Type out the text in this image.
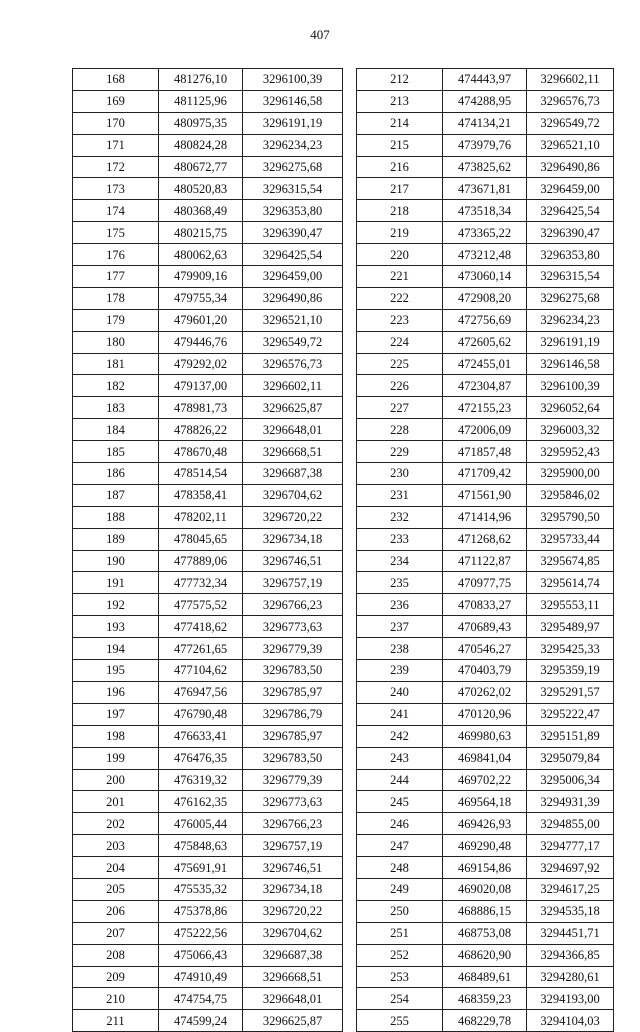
407
168	481276,10	3296100,39
169	481125,96	3296146,58
170	480975,35	3296191,19
171	480824,28	3296234,23
172	480672,77	3296275,68
173	480520,83	3296315,54
174	480368,49	3296353,80
175	480215,75	3296390,47
176	480062,63	3296425,54
177	479909,16	3296459,00
178	479755,34	3296490,86
179	479601,20	3296521,10
180	479446,76	3296549,72
181	479292,02	3296576,73
182	479137,00	3296602,11
183	478981,73	3296625,87
184	478826,22	3296648,01
185	478670,48	3296668,51
186	478514,54	3296687,38
187	478358,41	3296704,62
188	478202,11	3296720,22
189	478045,65	3296734,18
190	477889,06	3296746,51
191	477732,34	3296757,19
192	477575,52	3296766,23
193	477418,62	3296773,63
194	477261,65	3296779,39
195	477104,62	3296783,50
196	476947,56	3296785,97
197	476790,48	3296786,79
198	476633,41	3296785,97
199	476476,35	3296783,50
200	476319,32	3296779,39
201	476162,35	3296773,63
202	476005,44	3296766,23
203	475848,63	3296757,19
204	475691,91	3296746,51
205	475535,32	3296734,18
206	475378,86	3296720,22
207	475222,56	3296704,62
208	475066,43	3296687,38
209	474910,49	3296668,51
210	474754,75	3296648,01
211	474599,24	3296625,87
212	474443,97	3296602,11
213	474288,95	3296576,73
214	474134,21	3296549,72
215	473979,76	3296521,10
216	473825,62	3296490,86
217	473671,81	3296459,00
218	473518,34	3296425,54
219	473365,22	3296390,47
220	473212,48	3296353,80
221	473060,14	3296315,54
222	472908,20	3296275,68
223	472756,69	3296234,23
224	472605,62	3296191,19
225	472455,01	3296146,58
226	472304,87	3296100,39
227	472155,23	3296052,64
228	472006,09	3296003,32
229	471857,48	3295952,43
230	471709,42	3295900,00
231	471561,90	3295846,02
232	471414,96	3295790,50
233	471268,62	3295733,44
234	471122,87	3295674,85
235	470977,75	3295614,74
236	470833,27	3295553,11
237	470689,43	3295489,97
238	470546,27	3295425,33
239	470403,79	3295359,19
240	470262,02	3295291,57
241	470120,96	3295222,47
242	469980,63	3295151,89
243	469841,04	3295079,84
244	469702,22	3295006,34
245	469564,18	3294931,39
246	469426,93	3294855,00
247	469290,48	3294777,17
248	469154,86	3294697,92
249	469020,08	3294617,25
250	468886,15	3294535,18
251	468753,08	3294451,71
252	468620,90	3294366,85
253	468489,61	3294280,61
254	468359,23	3294193,00
255	468229,78	3294104,03
